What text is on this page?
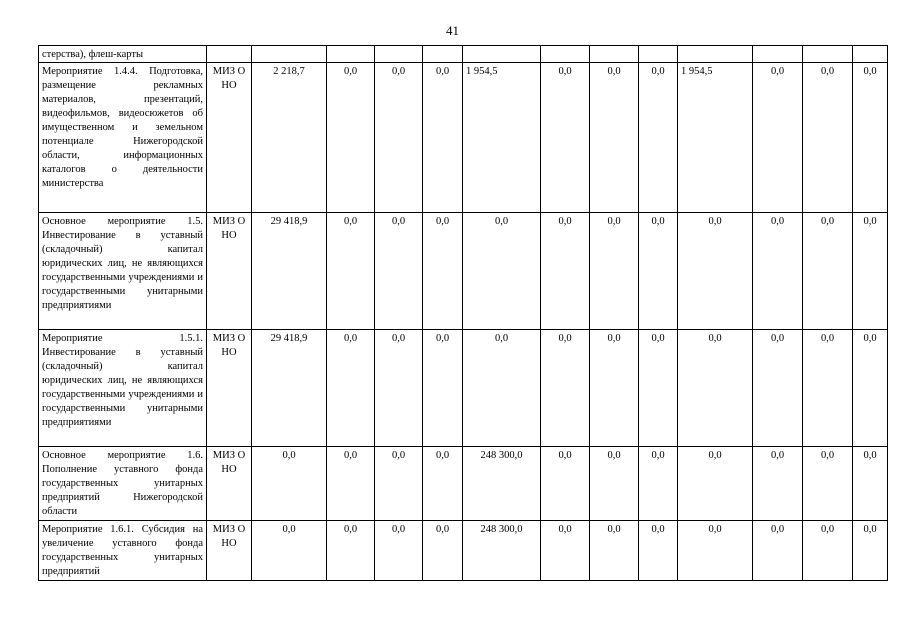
41
стерства), флеш-карты													
Мероприятие 1.4.4. Подготовка, размещение рекламных материалов, презентаций, видеофильмов, видеосюжетов об имущественном и земельном потенциале Нижегородской области, информационных каталогов о деятельности министерства	МИЗ О НО	2 218,7	0,0	0,0	0,0	1 954,5	0,0	0,0	0,0	1 954,5	0,0	0,0	0,0
Основное мероприятие 1.5. Инвестирование в уставный (складочный) капитал юридических лиц, не являющихся государственными учреждениями и государственными унитарными предприятиями	МИЗ О НО	29 418,9	0,0	0,0	0,0	0,0	0,0	0,0	0,0	0,0	0,0	0,0	0,0
Мероприятие 1.5.1. Инвестирование в уставный (складочный) капитал юридических лиц, не являющихся государственными учреждениями и государственными унитарными предприятиями	МИЗ О НО	29 418,9	0,0	0,0	0,0	0,0	0,0	0,0	0,0	0,0	0,0	0,0	0,0
Основное мероприятие 1.6. Пополнение уставного фонда государственных унитарных предприятий Нижегородской области	МИЗ О НО	0,0	0,0	0,0	0,0	248 300,0	0,0	0,0	0,0	0,0	0,0	0,0	0,0
Мероприятие 1.6.1. Субсидия на увеличение уставного фонда государственных унитарных предприятий	МИЗ О НО	0,0	0,0	0,0	0,0	248 300,0	0,0	0,0	0,0	0,0	0,0	0,0	0,0
